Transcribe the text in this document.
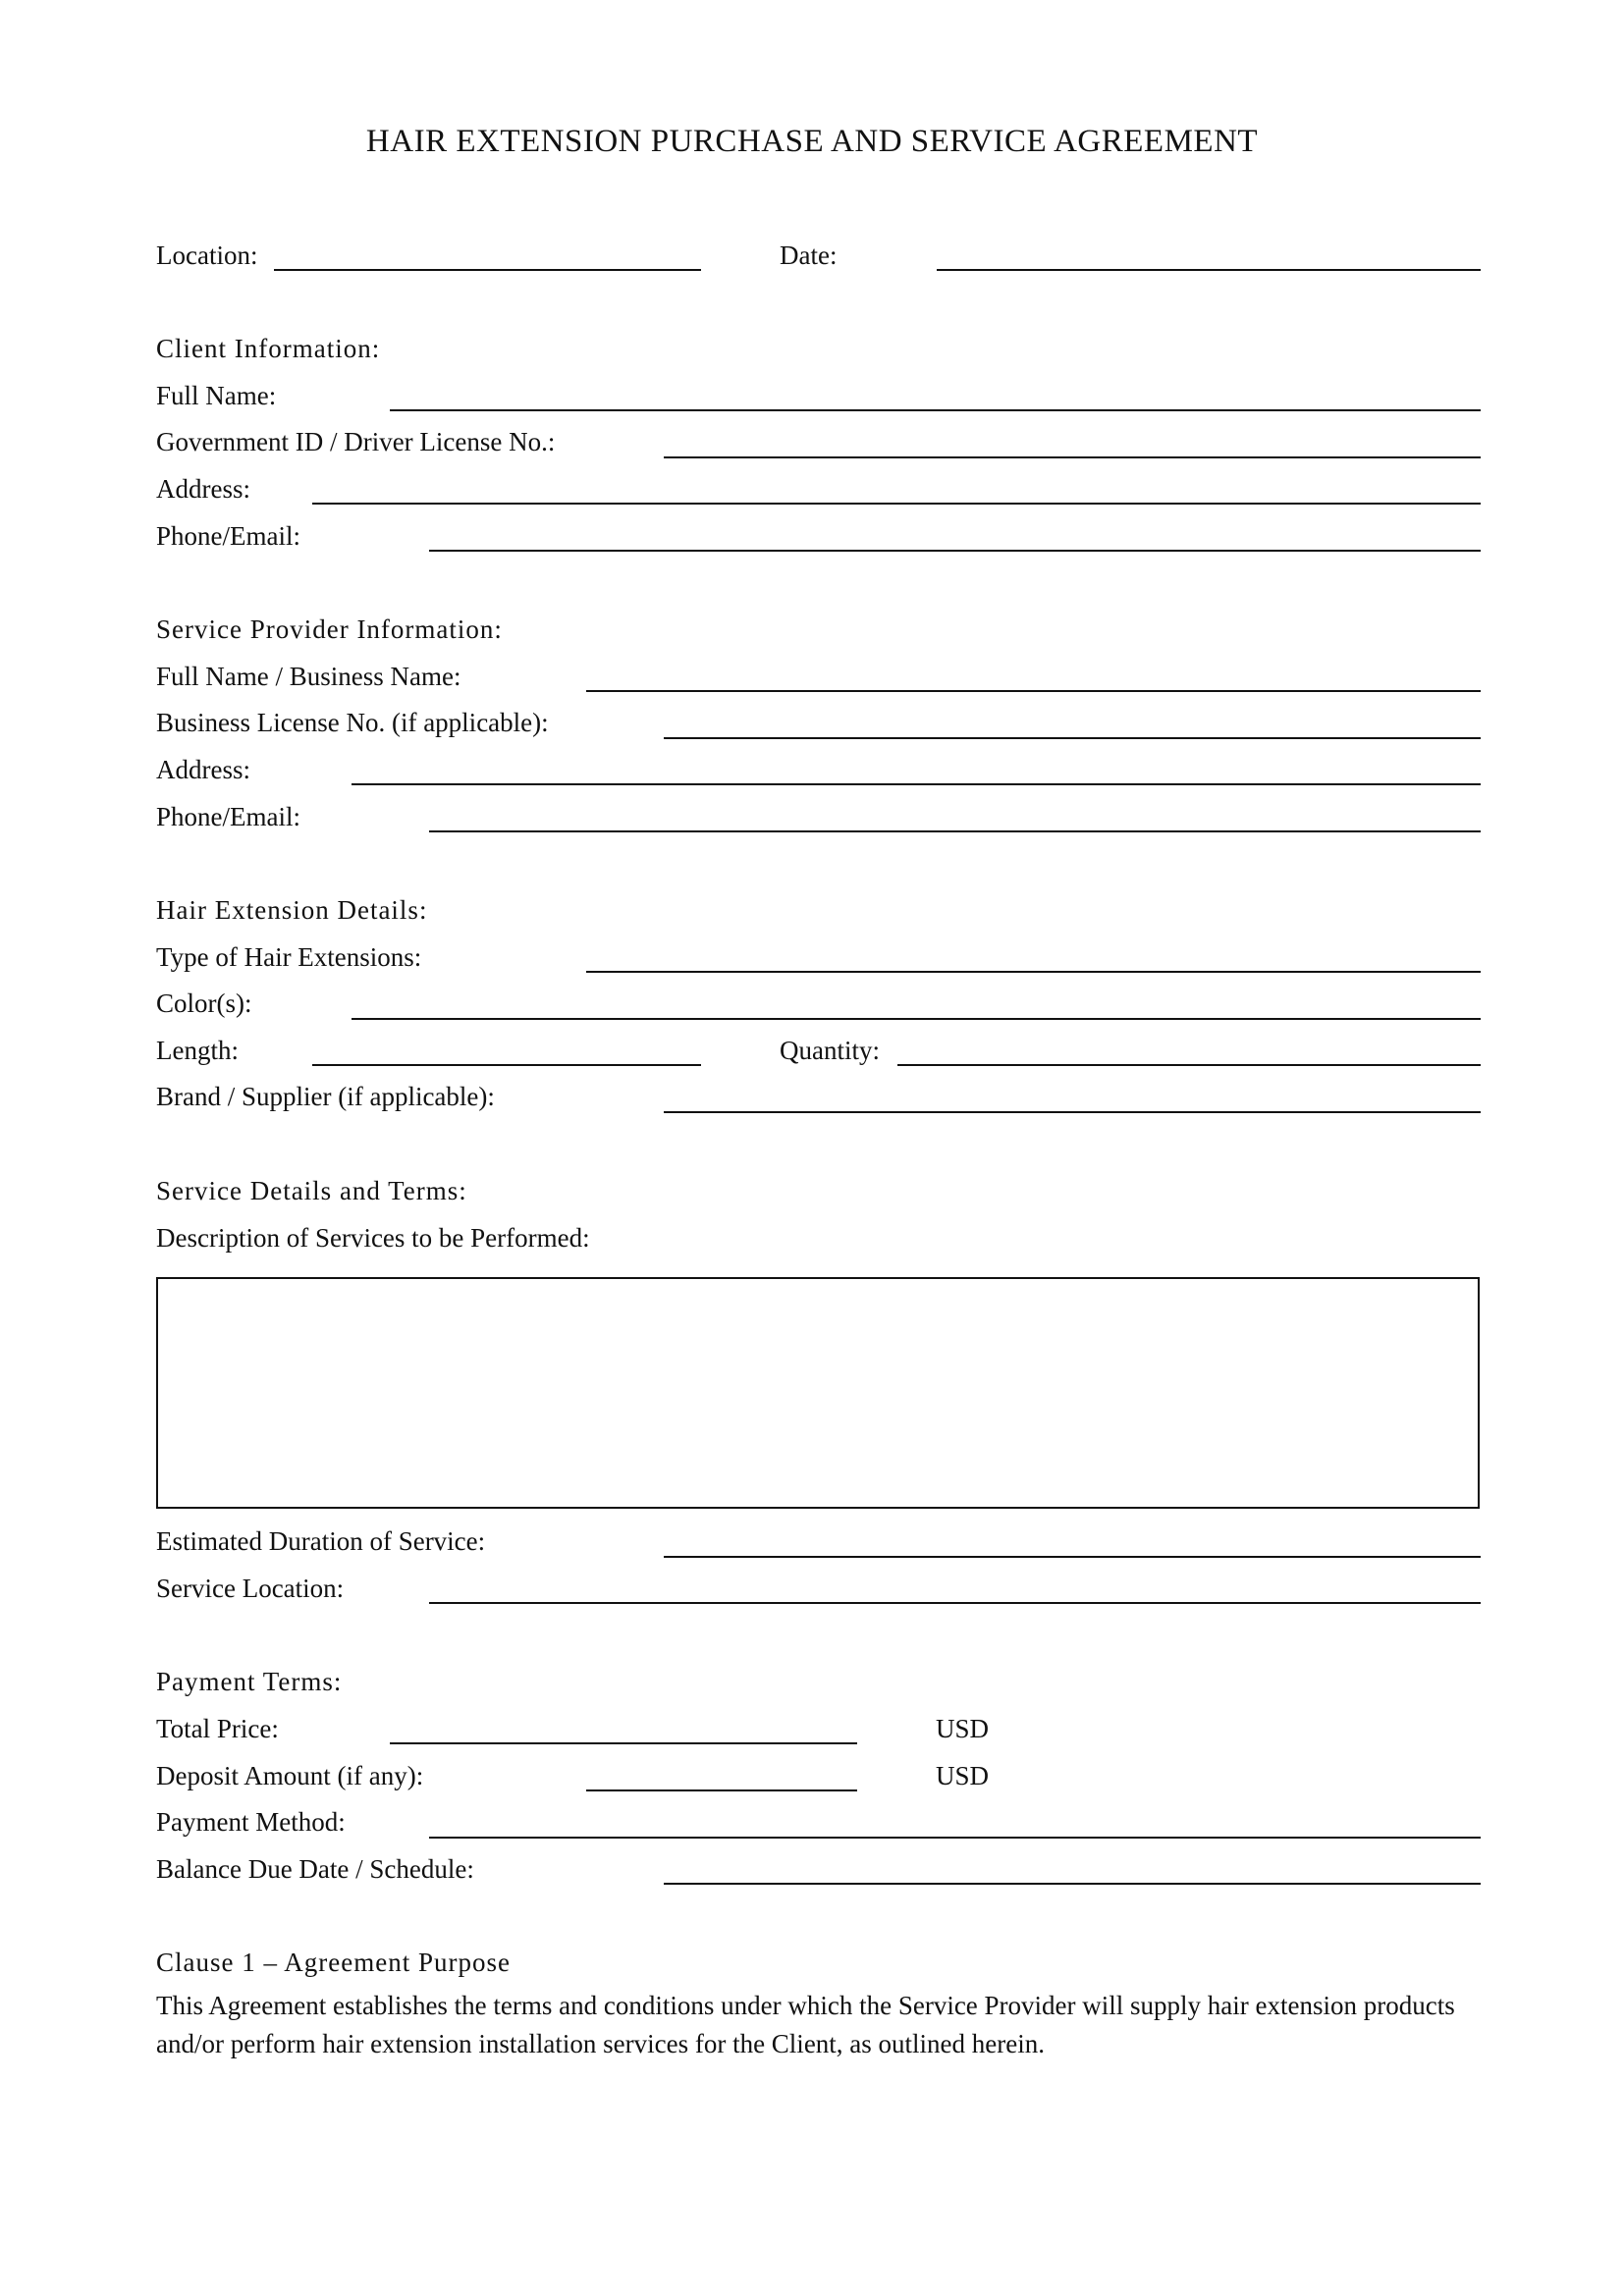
HAIR EXTENSION PURCHASE AND SERVICE AGREEMENT
Location:	Date:
Client Information:
Full Name:
Government ID / Driver License No.:
Address:
Phone/Email:
Service Provider Information:
Full Name / Business Name:
Business License No. (if applicable):
Address:
Phone/Email:
Hair Extension Details:
Type of Hair Extensions:
Color(s):
Length:	Quantity:
Brand / Supplier (if applicable):
Service Details and Terms:
Description of Services to be Performed:
Estimated Duration of Service:
Service Location:
Payment Terms:
Total Price:	USD
Deposit Amount (if any):	USD
Payment Method:
Balance Due Date / Schedule:
Clause 1 – Agreement Purpose
This Agreement establishes the terms and conditions under which the Service Provider will supply hair extension products and/or perform hair extension installation services for the Client, as outlined herein.
